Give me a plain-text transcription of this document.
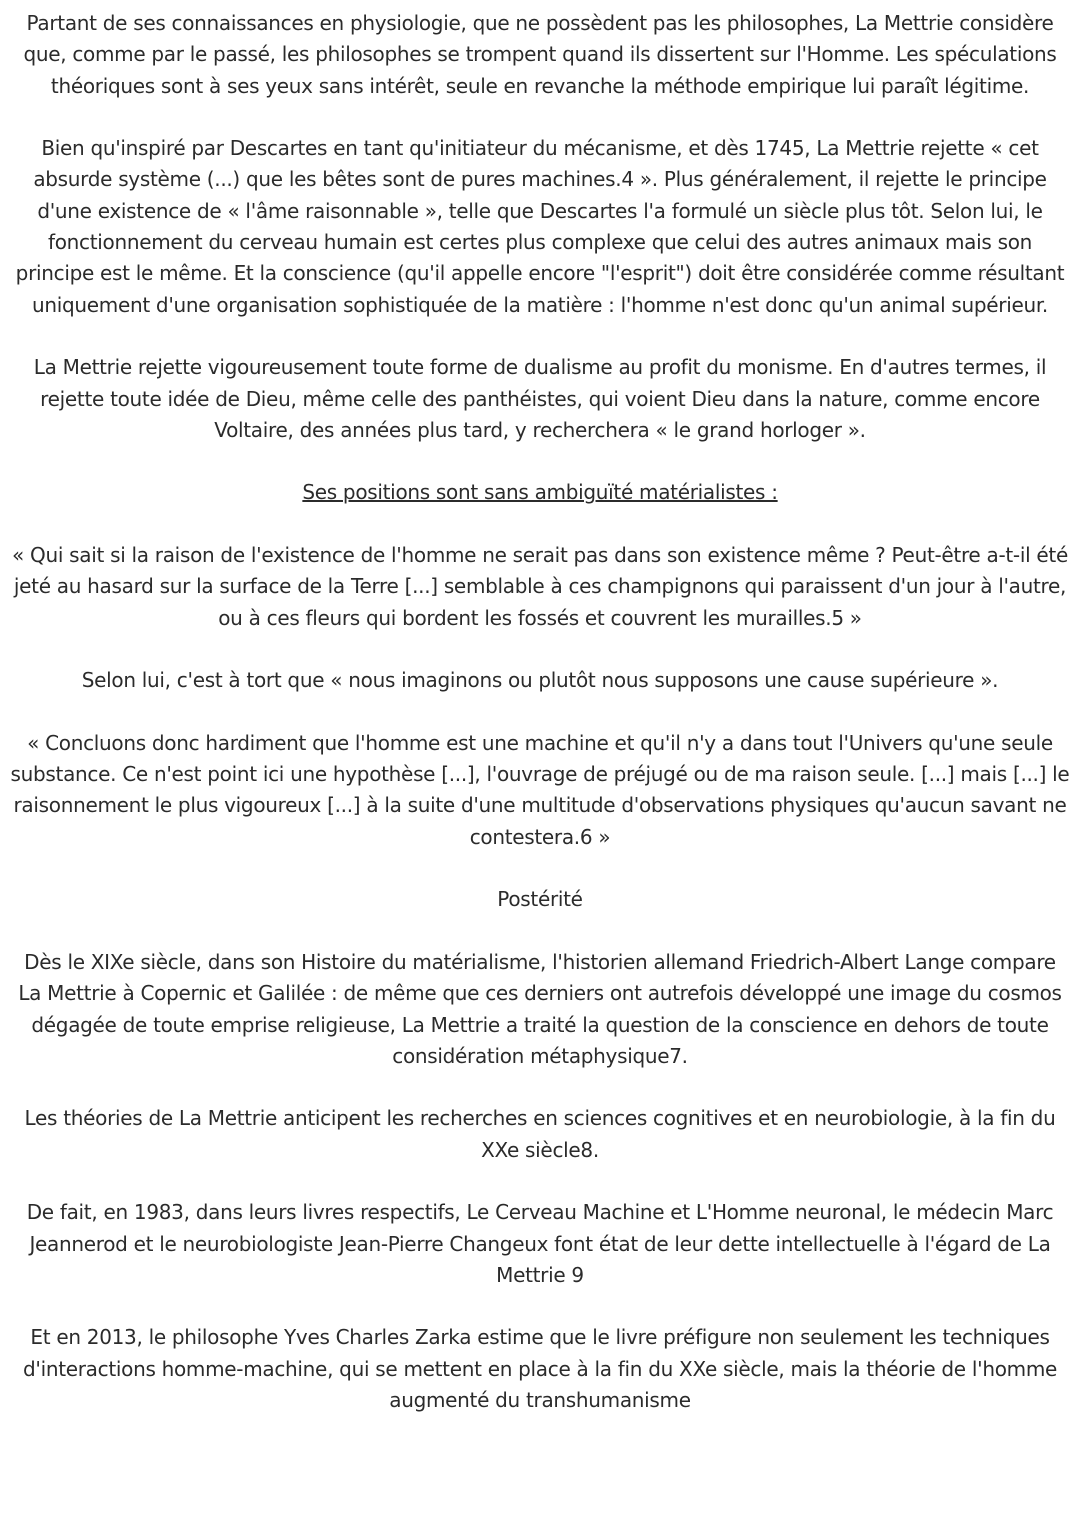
Partant de ses connaissances en physiologie, que ne possèdent pas les philosophes, La Mettrie considère que, comme par le passé, les philosophes se trompent quand ils dissertent sur l'Homme. Les spéculations théoriques sont à ses yeux sans intérêt, seule en revanche la méthode empirique lui paraît légitime.

Bien qu'inspiré par Descartes en tant qu'initiateur du mécanisme, et dès 1745, La Mettrie rejette « cet absurde système (...) que les bêtes sont de pures machines.4 ». Plus généralement, il rejette le principe d'une existence de « l'âme raisonnable », telle que Descartes l'a formulé un siècle plus tôt. Selon lui, le fonctionnement du cerveau humain est certes plus complexe que celui des autres animaux mais son principe est le même. Et la conscience (qu'il appelle encore "l'esprit") doit être considérée comme résultant uniquement d'une organisation sophistiquée de la matière : l'homme n'est donc qu'un animal supérieur.

La Mettrie rejette vigoureusement toute forme de dualisme au profit du monisme. En d'autres termes, il rejette toute idée de Dieu, même celle des panthéistes, qui voient Dieu dans la nature, comme encore Voltaire, des années plus tard, y recherchera « le grand horloger ».

Ses positions sont sans ambiguïté matérialistes :

« Qui sait si la raison de l'existence de l'homme ne serait pas dans son existence même ? Peut-être a-t-il été jeté au hasard sur la surface de la Terre [...] semblable à ces champignons qui paraissent d'un jour à l'autre, ou à ces fleurs qui bordent les fossés et couvrent les murailles.5 »

Selon lui, c'est à tort que « nous imaginons ou plutôt nous supposons une cause supérieure ».

« Concluons donc hardiment que l'homme est une machine et qu'il n'y a dans tout l'Univers qu'une seule substance. Ce n'est point ici une hypothèse [...], l'ouvrage de préjugé ou de ma raison seule. [...] mais [...] le raisonnement le plus vigoureux [...] à la suite d'une multitude d'observations physiques qu'aucun savant ne contestera.6 »

Postérité

Dès le XIXe siècle, dans son Histoire du matérialisme, l'historien allemand Friedrich-Albert Lange compare La Mettrie à Copernic et Galilée : de même que ces derniers ont autrefois développé une image du cosmos dégagée de toute emprise religieuse, La Mettrie a traité la question de la conscience en dehors de toute considération métaphysique7.

Les théories de La Mettrie anticipent les recherches en sciences cognitives et en neurobiologie, à la fin du XXe siècle8.

De fait, en 1983, dans leurs livres respectifs, Le Cerveau Machine et L'Homme neuronal, le médecin Marc Jeannerod et le neurobiologiste Jean-Pierre Changeux font état de leur dette intellectuelle à l'égard de La Mettrie 9

Et en 2013, le philosophe Yves Charles Zarka estime que le livre préfigure non seulement les techniques d'interactions homme-machine, qui se mettent en place à la fin du XXe siècle, mais la théorie de l'homme augmenté du transhumanisme
